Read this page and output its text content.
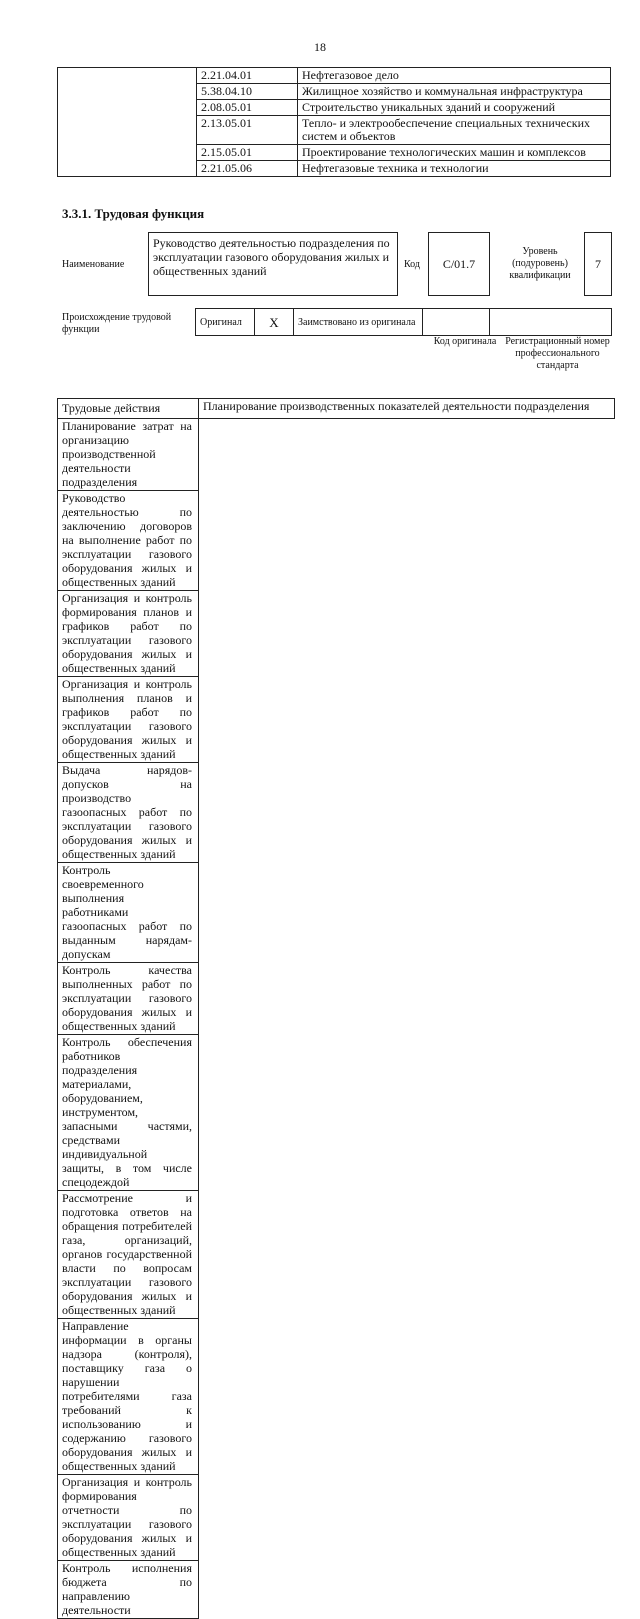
18
	2.21.04.01	Нефтегазовое дело
	5.38.04.10	Жилищное хозяйство и коммунальная инфраструктура
	2.08.05.01	Строительство уникальных зданий и сооружений
	2.13.05.01	Тепло- и электрообеспечение специальных технических систем и объектов
	2.15.05.01	Проектирование технологических машин и комплексов
	2.21.05.06	Нефтегазовые техника и технологии
3.3.1. Трудовая функция
Наименование
Руководство деятельностью подразделения по эксплуатации газового оборудования жилых и общественных зданий	Код	С/01.7
Уровень (подуровень) квалификации
7
Происхождение трудовой функции
Оригинал	X	Заимствовано из оригинала		
Код оригинала Регистрационный номер профессионального стандарта
Трудовые действия	Планирование производственных показателей деятельности подразделения
Планирование затрат на организацию производственной деятельности подразделения
Руководство деятельностью по заключению договоров на выполнение работ по эксплуатации газового оборудования жилых и общественных зданий
Организация и контроль формирования планов и графиков работ по эксплуатации газового оборудования жилых и общественных зданий
Организация и контроль выполнения планов и графиков работ по эксплуатации газового оборудования жилых и общественных зданий
Выдача нарядов-допусков на производство газоопасных работ по эксплуатации газового оборудования жилых и общественных зданий
Контроль своевременного выполнения работниками газоопасных работ по выданным нарядам-допускам
Контроль качества выполненных работ по эксплуатации газового оборудования жилых и общественных зданий
Контроль обеспечения работников подразделения материалами, оборудованием, инструментом, запасными частями, средствами индивидуальной защиты, в том числе спецодеждой
Рассмотрение и подготовка ответов на обращения потребителей газа, организаций, органов государственной власти по вопросам эксплуатации газового оборудования жилых и общественных зданий
Направление информации в органы надзора (контроля), поставщику газа о нарушении потребителями газа требований к использованию и содержанию газового оборудования жилых и общественных зданий
Организация и контроль формирования отчетности по эксплуатации газового оборудования жилых и общественных зданий
Контроль исполнения бюджета по направлению деятельности
